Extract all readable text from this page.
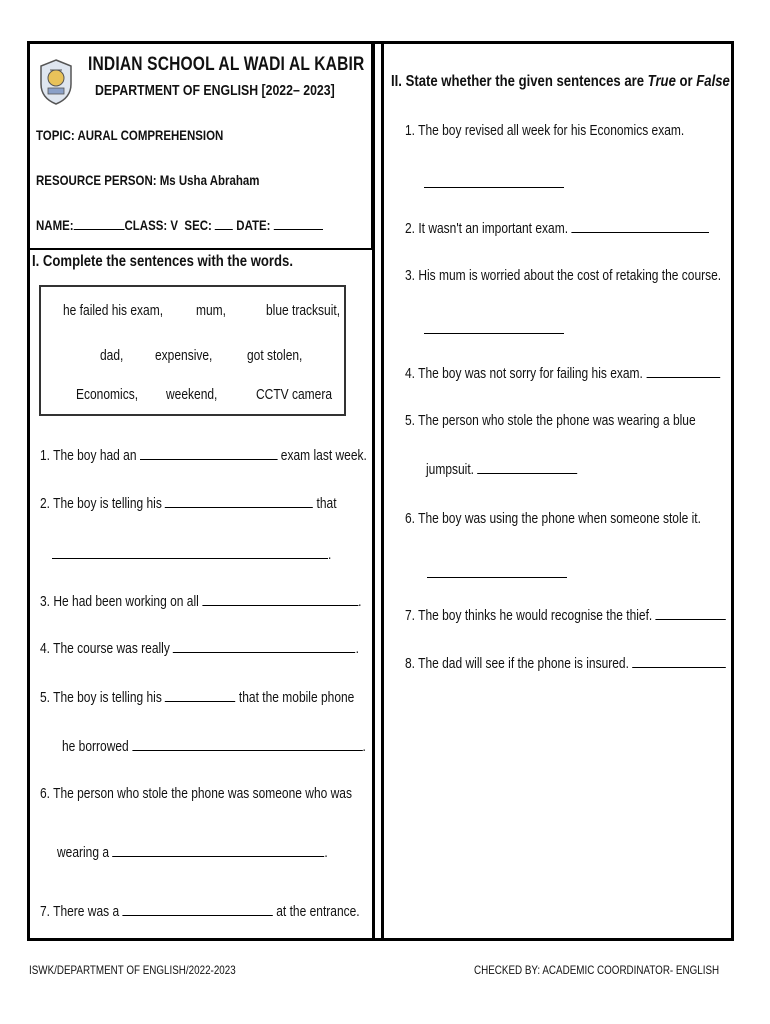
INDIAN SCHOOL AL WADI AL KABIR
DEPARTMENT OF ENGLISH [2022– 2023]
TOPIC: AURAL COMPREHENSION
RESOURCE PERSON: Ms Usha Abraham
NAME:	CLASS: V SEC: DATE:
I. Complete the sentences with the words.
he failed his exam, mum,	blue tracksuit,
dad, expensive, got stolen,
Economics, weekend,	CCTV camera
1. The boy had an	exam last week.
2. The boy is telling his	that
.
3. He had been working on all	.
4. The course was really	.
5. The boy is telling his	that the mobile phone
he borrowed	.
6. The person who stole the phone was someone who was
wearing a	.
7. There was a	at the entrance.
II. State whether the given sentences are True or False
1. The boy revised all week for his Economics exam.
2. It wasn't an important exam.
3. His mum is worried about the cost of retaking the course.
4. The boy was not sorry for failing his exam.
5. The person who stole the phone was wearing a blue
jumpsuit.
6. The boy was using the phone when someone stole it.
7. The boy thinks he would recognise the thief.
8. The dad will see if the phone is insured.
ISWK/DEPARTMENT OF ENGLISH/2022-2023	CHECKED BY: ACADEMIC COORDINATOR- ENGLISH
